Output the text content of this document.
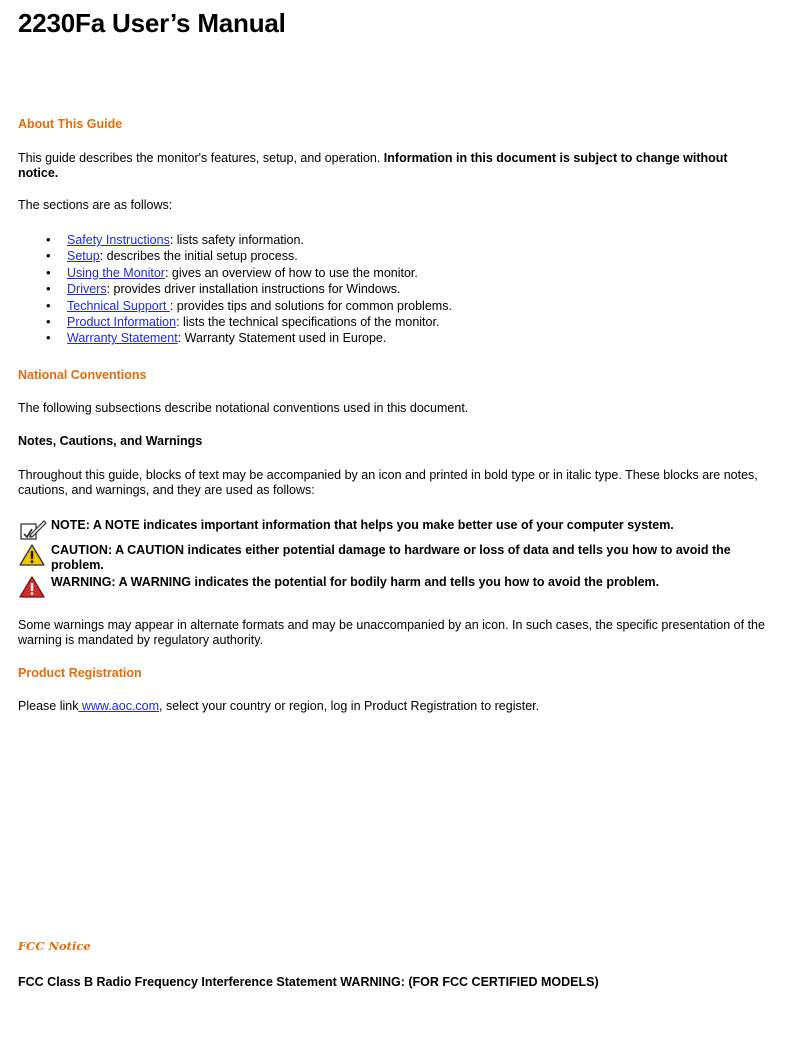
2230Fa User’s Manual
About This Guide
This guide describes the monitor's features, setup, and operation. Information in this document is subject to change without notice.
The sections are as follows:
• Safety Instructions: lists safety information.
• Setup: describes the initial setup process.
• Using the Monitor: gives an overview of how to use the monitor.
• Drivers: provides driver installation instructions for Windows.
• Technical Support : provides tips and solutions for common problems.
• Product Information: lists the technical specifications of the monitor.
• Warranty Statement: Warranty Statement used in Europe.
National Conventions
The following subsections describe notational conventions used in this document.
Notes, Cautions, and Warnings
Throughout this guide, blocks of text may be accompanied by an icon and printed in bold type or in italic type. These blocks are notes, cautions, and warnings, and they are used as follows:
NOTE: A NOTE indicates important information that helps you make better use of your computer system.
CAUTION: A CAUTION indicates either potential damage to hardware or loss of data and tells you how to avoid the problem.
WARNING: A WARNING indicates the potential for bodily harm and tells you how to avoid the problem.
Some warnings may appear in alternate formats and may be unaccompanied by an icon. In such cases, the specific presentation of the warning is mandated by regulatory authority.
Product Registration
Please link www.aoc.com, select your country or region, log in Product Registration to register.
FCC Notice
FCC Class B Radio Frequency Interference Statement WARNING: (FOR FCC CERTIFIED MODELS)
